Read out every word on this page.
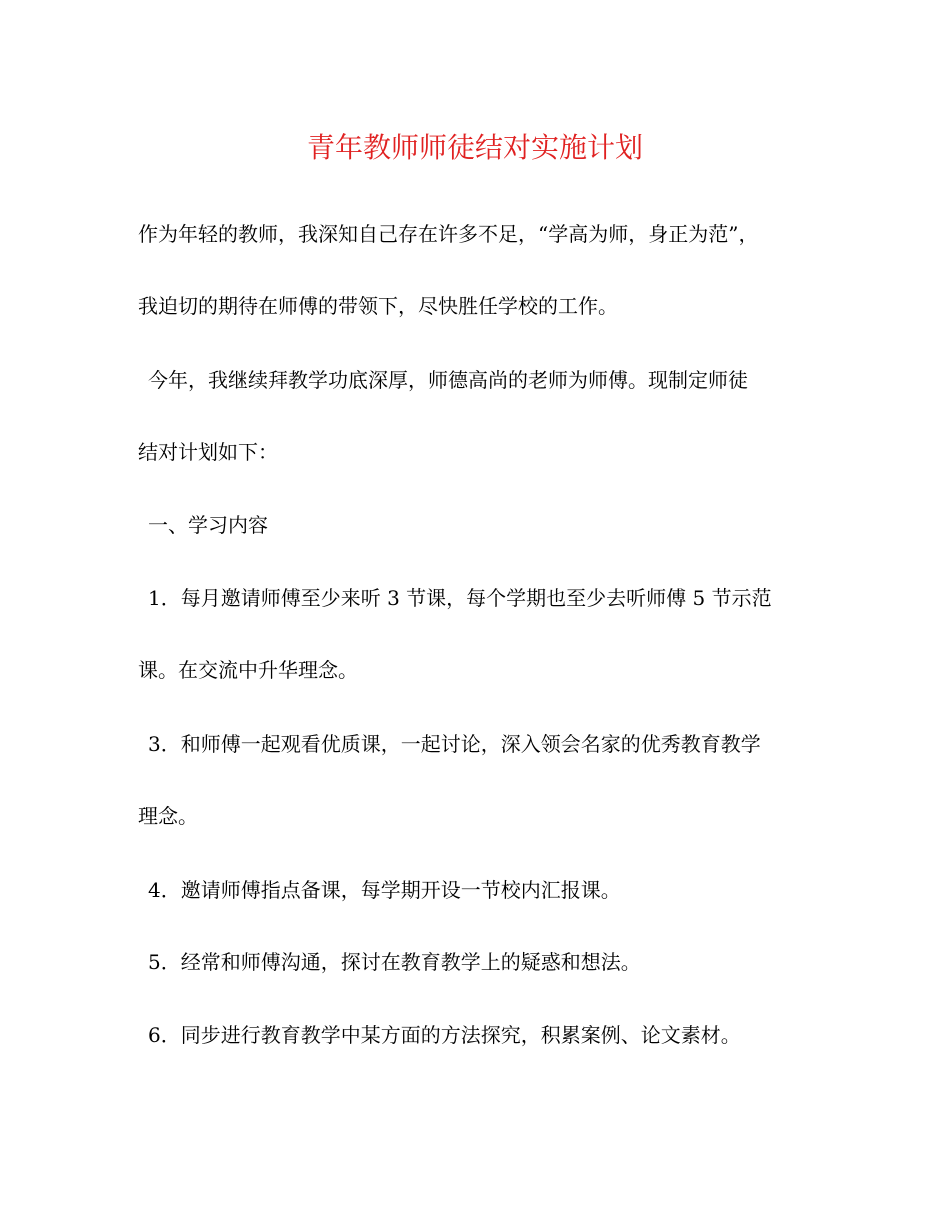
青年教师师徒结对实施计划
作为年轻的教师，我深知自己存在许多不足，“学高为师，身正为范”，
我迫切的期待在师傅的带领下，尽快胜任学校的工作。
今年，我继续拜教学功底深厚，师德高尚的老师为师傅。现制定师徒
结对计划如下：
一、学习内容
1．每月邀请师傅至少来听 3 节课，每个学期也至少去听师傅 5 节示范
课。在交流中升华理念。
3．和师傅一起观看优质课，一起讨论，深入领会名家的优秀教育教学
理念。
4．邀请师傅指点备课，每学期开设一节校内汇报课。
5．经常和师傅沟通，探讨在教育教学上的疑惑和想法。
6．同步进行教育教学中某方面的方法探究，积累案例、论文素材。
